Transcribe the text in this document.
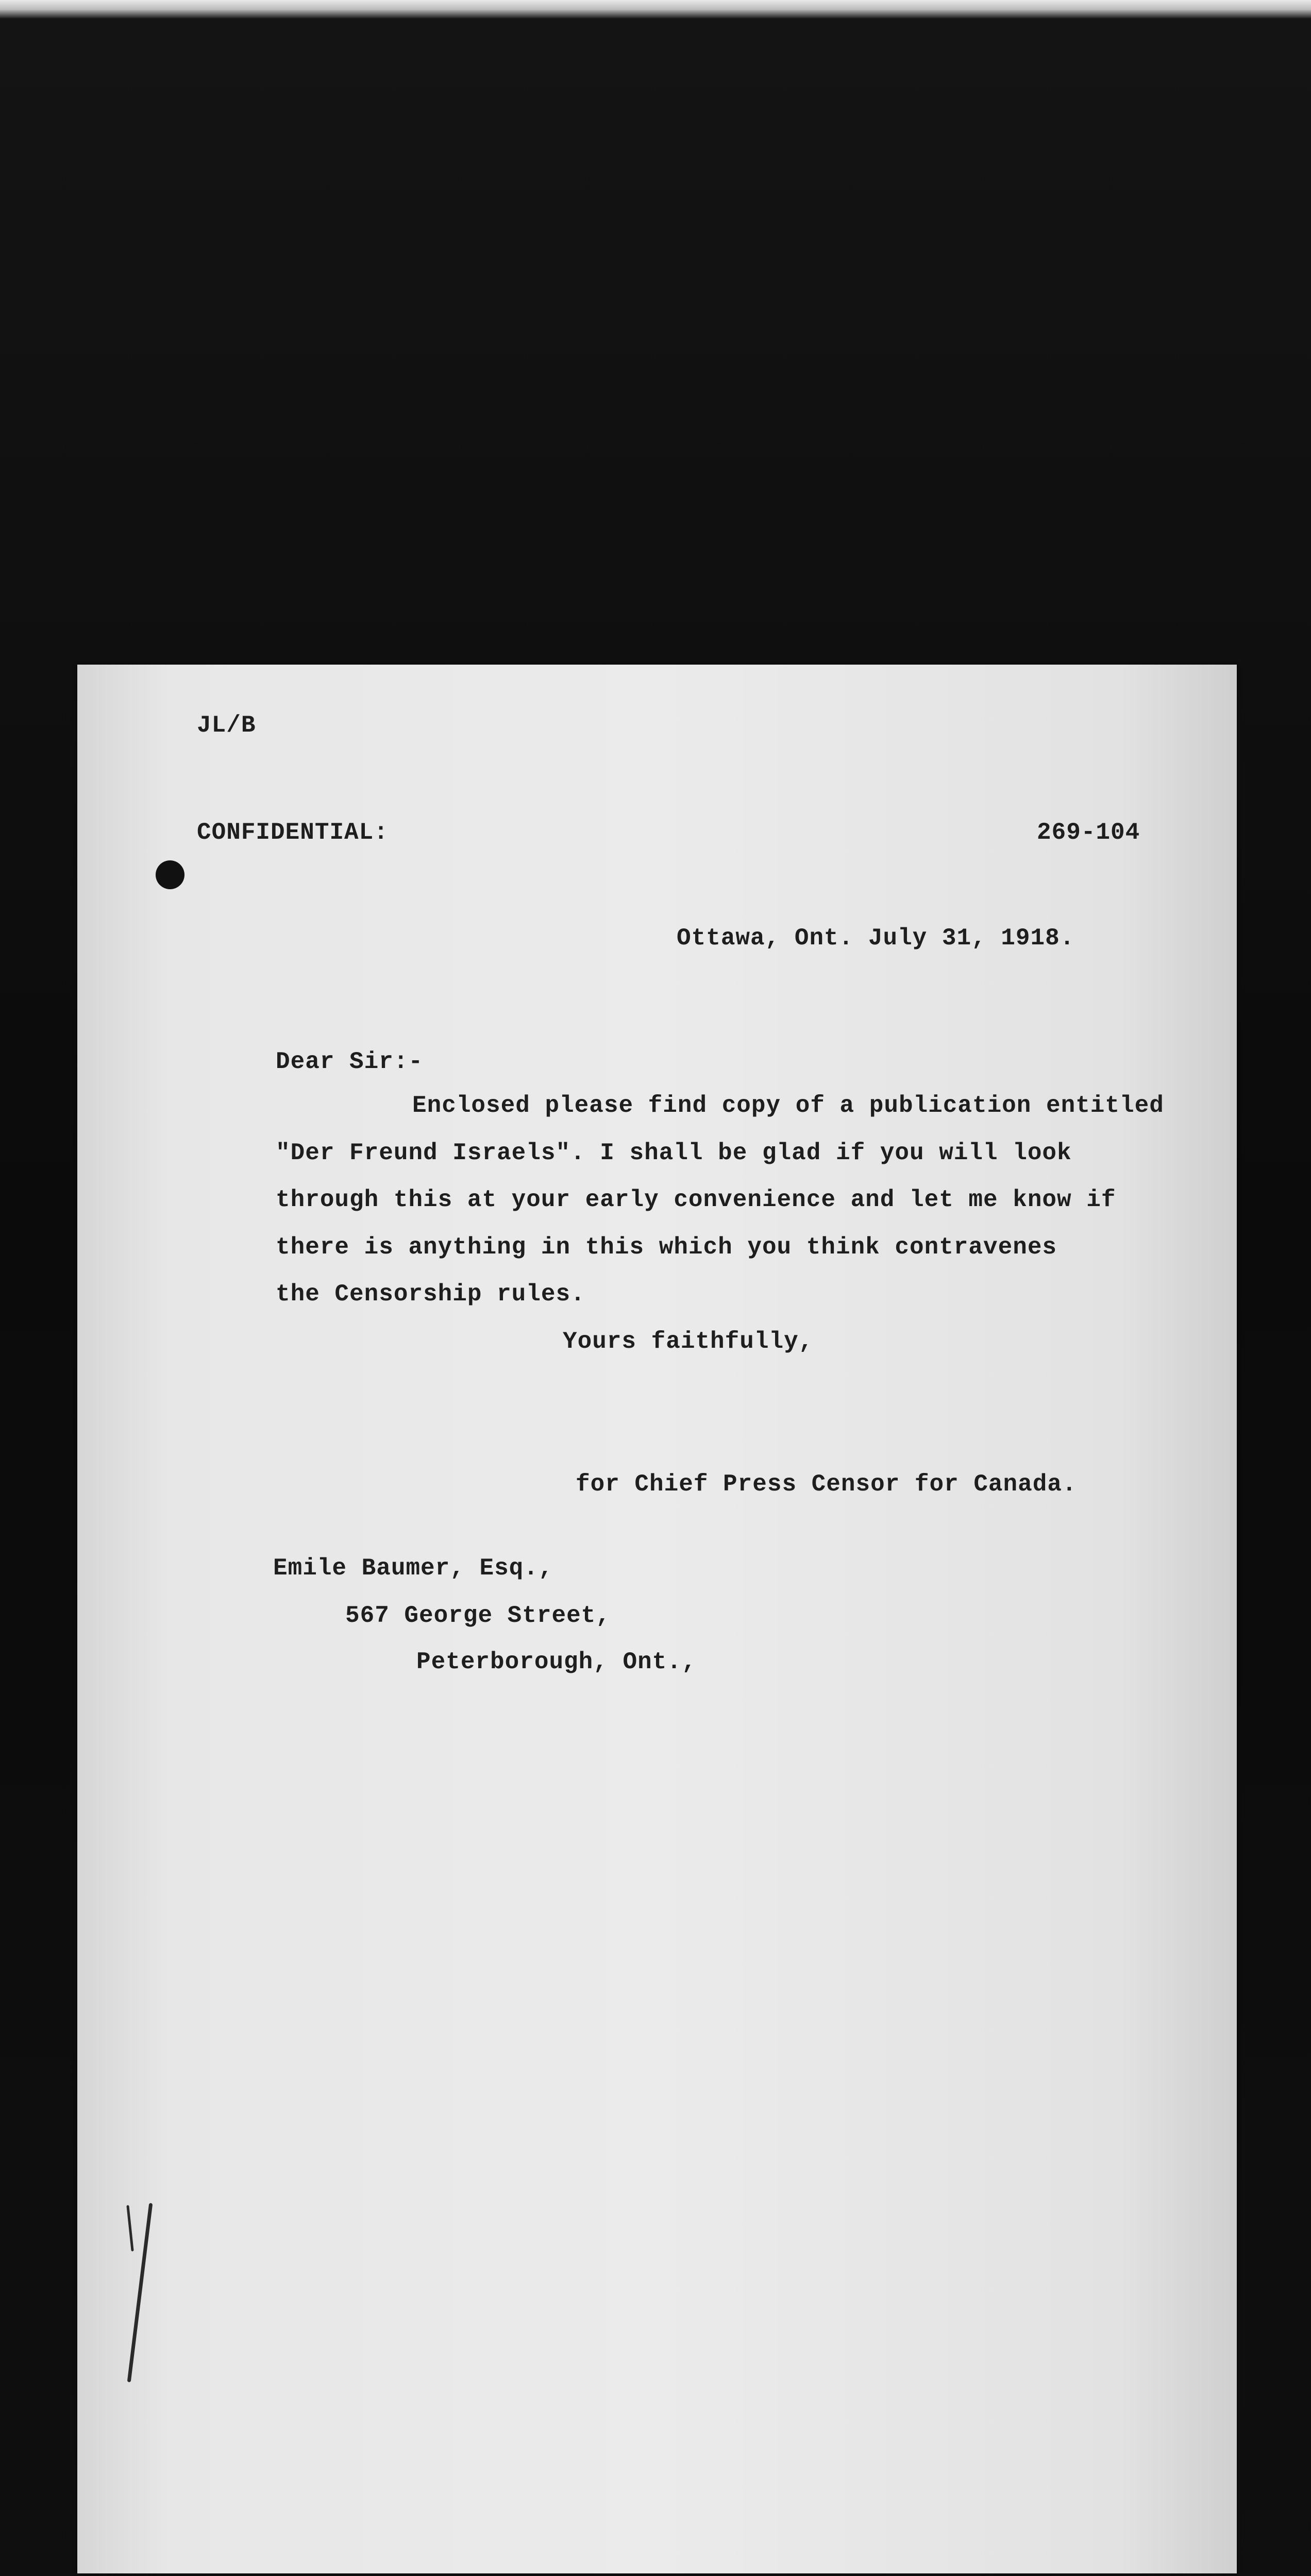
JL/B
CONFIDENTIAL:	269-104
Ottawa, Ont. July 31, 1918.
Dear Sir:-
Enclosed please find copy of a publication entitled
"Der Freund Israels". I shall be glad if you will look
through this at your early convenience and let me know if
there is anything in this which you think contravenes
the Censorship rules.
Yours faithfully,
for Chief Press Censor for Canada.
Emile Baumer, Esq.,
567 George Street,
Peterborough, Ont.,
